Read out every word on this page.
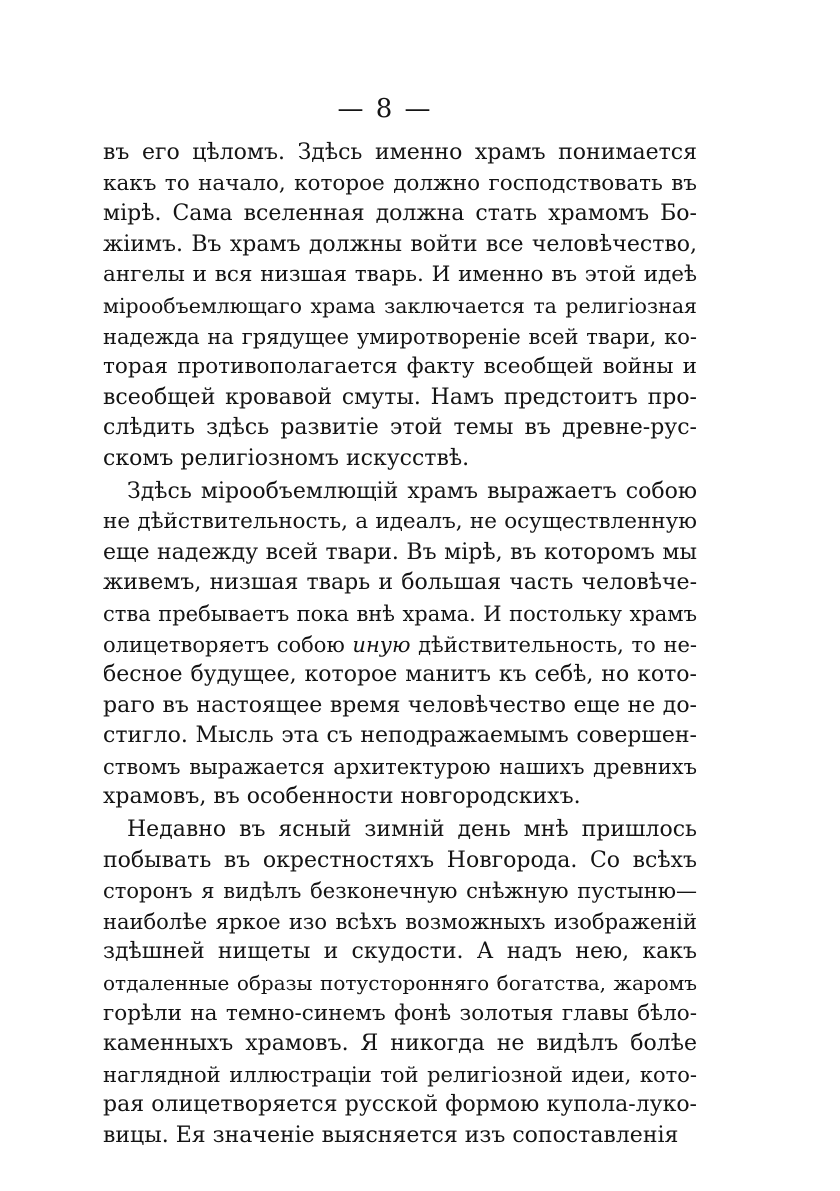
— 8 —
въ его цѣломъ. Здѣсь именно храмъ понимается
какъ то начало, которое должно господствовать въ
мірѣ. Сама вселенная должна стать храмомъ Бо-
жіимъ. Въ храмъ должны войти все человѣчество,
ангелы и вся низшая тварь. И именно въ этой идеѣ
мірообъемлющаго храма заключается та религіозная
надежда на грядущее умиротвореніе всей твари, ко-
торая противополагается факту всеобщей войны и
всеобщей кровавой смуты. Намъ предстоитъ про-
слѣдить здѣсь развитіе этой темы въ древне-рус-
скомъ религіозномъ искусствѣ.
Здѣсь мірообъемлющій храмъ выражаетъ собою
не дѣйствительность, а идеалъ, не осуществленную
еще надежду всей твари. Въ мірѣ, въ которомъ мы
живемъ, низшая тварь и большая часть человѣче-
ства пребываетъ пока внѣ храма. И постольку храмъ
олицетворяетъ собою иную дѣйствительность, то не-
бесное будущее, которое манитъ къ себѣ, но кото-
раго въ настоящее время человѣчество еще не до-
стигло. Мысль эта съ неподражаемымъ совершен-
ствомъ выражается архитектурою нашихъ древнихъ
храмовъ, въ особенности новгородскихъ.
Недавно въ ясный зимній день мнѣ пришлось
побывать въ окрестностяхъ Новгорода. Со всѣхъ
сторонъ я видѣлъ безконечную снѣжную пустыню—
наиболѣе яркое изо всѣхъ возможныхъ изображеній
здѣшней нищеты и скудости. А надъ нею, какъ
отдаленные образы потусторонняго богатства, жаромъ
горѣли на темно-синемъ фонѣ золотыя главы бѣло-
каменныхъ храмовъ. Я никогда не видѣлъ болѣе
наглядной иллюстраціи той религіозной идеи, кото-
рая олицетворяется русской формою купола-луко-
вицы. Ея значеніе выясняется изъ сопоставленія
